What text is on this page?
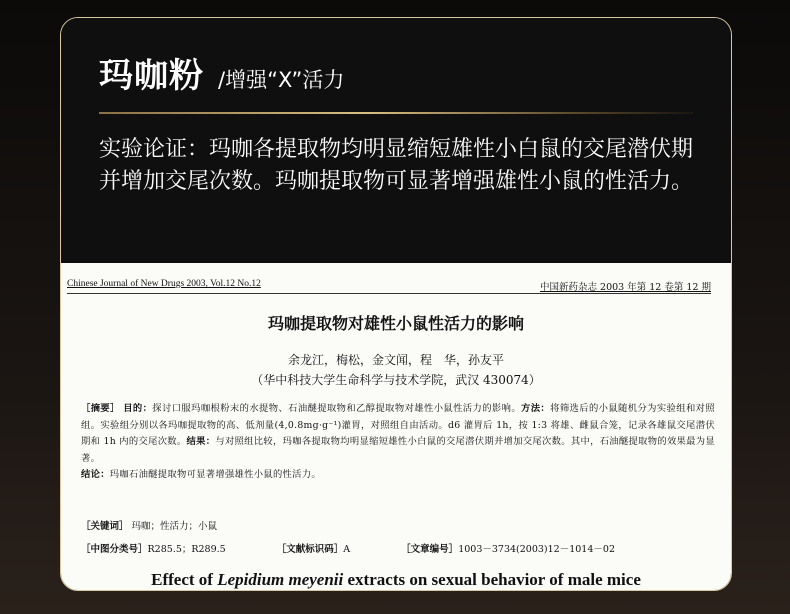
玛咖粉 /增强“X”活力
实验论证：玛咖各提取物均明显缩短雄性小白鼠的交尾潜伏期并增加交尾次数。玛咖提取物可显著增强雄性小鼠的性活力。
Chinese Journal of New Drugs 2003, Vol.12 No.12	中国新药杂志 2003 年第 12 卷第 12 期
玛咖提取物对雄性小鼠性活力的影响
余龙江，梅松，金文闻，程　华，孙友平
（华中科技大学生命科学与技术学院，武汉 430074）
［摘要］ 目的：探讨口服玛咖根粉末的水提物、石油醚提取物和乙醇提取物对雄性小鼠性活力的影响。方法：将筛选后的小鼠随机分为实验组和对照组。实验组分别以各玛咖提取物的高、低剂量(4,0.8mg·g⁻¹)灌胃，对照组自由活动。d6 灌胃后 1h，按 1:3 将雄、雌鼠合笼，记录各雄鼠交尾潜伏期和 1h 内的交尾次数。结果：与对照组比较，玛咖各提取物均明显缩短雄性小白鼠的交尾潜伏期并增加交尾次数。其中，石油醚提取物的效果最为显著。
结论：玛咖石油醚提取物可显著增强雄性小鼠的性活力。
［关键词］ 玛咖；性活力；小鼠
［中图分类号］R285.5；R289.5	［文献标识码］A	［文章编号］1003－3734(2003)12－1014－02
Effect of Lepidium meyenii extracts on sexual behavior of male mice
